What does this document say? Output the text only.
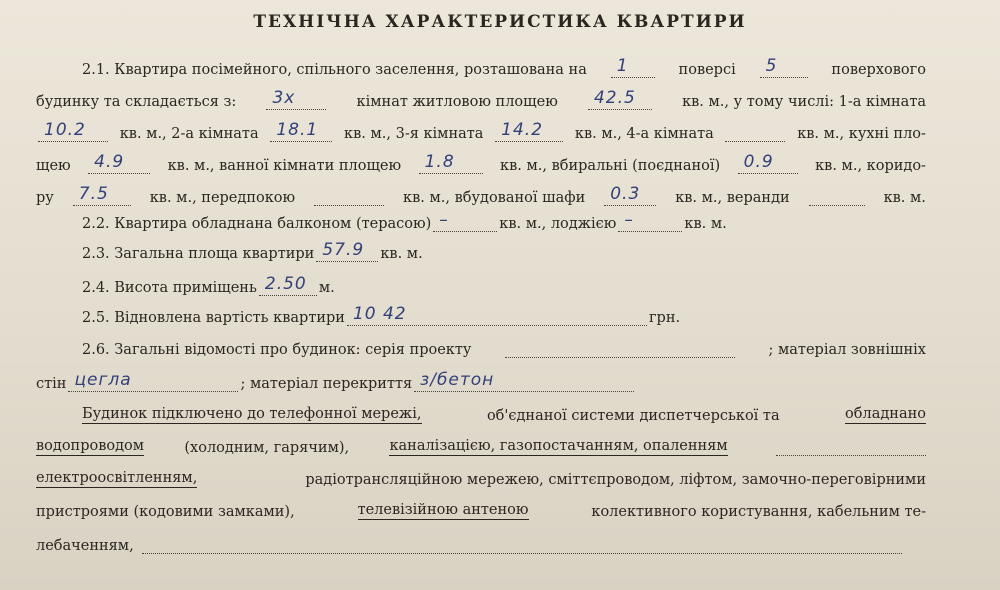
ТЕХНІЧНА ХАРАКТЕРИСТИКА КВАРТИРИ
2.1. Квартира посімейного, спільного заселення, розташована на 1	поверсі 5	поверхового
будинку та складається з: 3х	кімнат житловою площею 42.5	кв. м., у тому числі: 1-а кімната
10.2 кв. м., 2-а кімната 18.1 кв. м., 3-я кімната 14.2 кв. м., 4-а кімната	кв. м., кухні пло-
щею 4.9	кв. м., ванної кімнати площею 1.8	кв. м., вбиральні (поєднаної) 0.9	кв. м., коридо-
ру 7.5	кв. м., передпокою	кв. м., вбудованої шафи 0.3 кв. м., веранди	кв. м.
2.2. Квартира обладнана балконом (терасою) –	кв. м., лоджією –	кв. м.
2.3. Загальна площа квартири 57.9 кв. м.
2.4. Висота приміщень 2.50 м.
2.5. Відновлена вартість квартири 10 42	грн.
2.6. Загальні відомості про будинок: серія проекту	; матеріал зовнішніх
стін цегла	; матеріал перекриття з/бетон
Будинок підключено до телефонної мережі,	об'єднаної системи диспетчерської та	обладнано
водопроводом	(холодним, гарячим),	каналізацією, газопостачанням, опаленням
електроосвітленням,	радіотрансляційною мережею, сміттєпроводом, ліфтом, замочно-переговірними
пристроями (кодовими замками),	телевізійною антеною	колективного користування, кабельним те-
лебаченням,
